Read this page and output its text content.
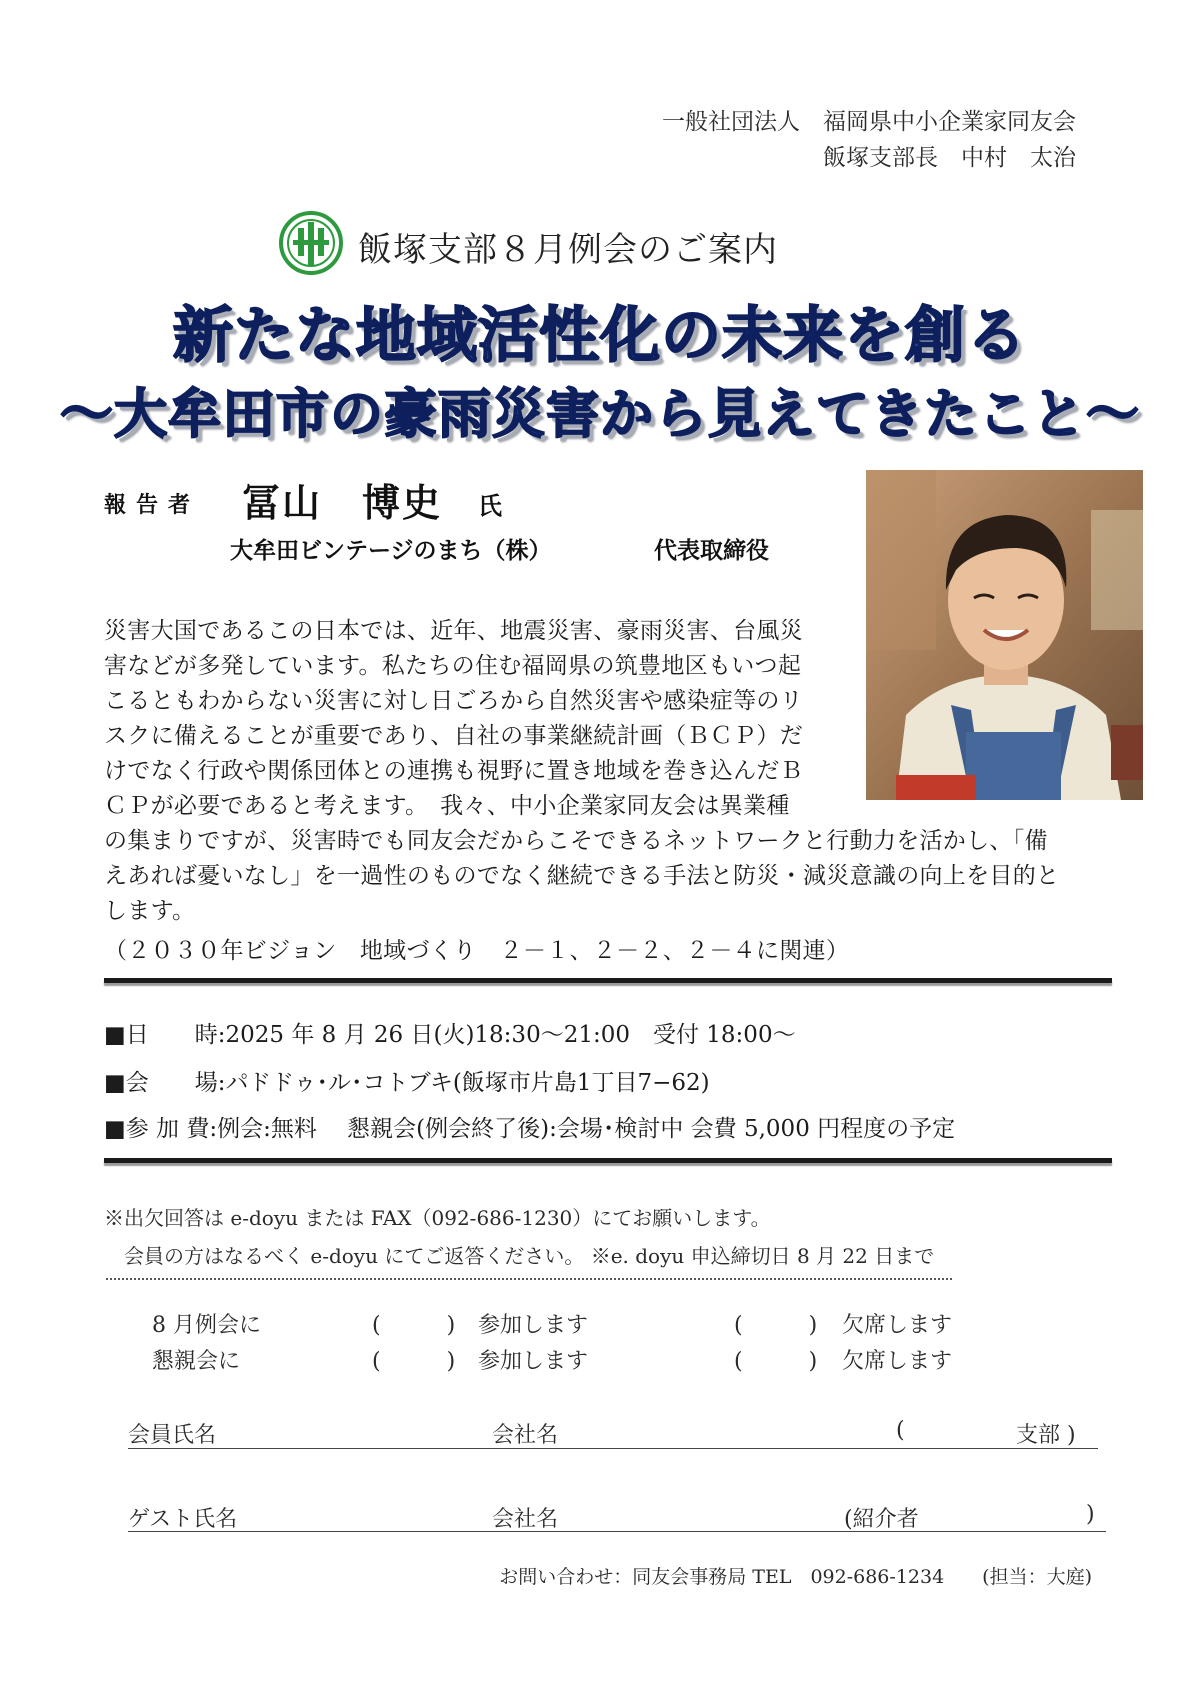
一般社団法人　福岡県中小企業家同友会
飯塚支部長　中村　太治
飯塚支部８月例会のご案内
新たな地域活性化の未来を創る
～大牟田市の豪雨災害から見えてきたこと～
報告者 冨山　博史 氏
大牟田ビンテージのまち（株）	代表取締役
災害大国であるこの日本では、近年、地震災害、豪雨災害、台風災
害などが多発しています。私たちの住む福岡県の筑豊地区もいつ起
こるともわからない災害に対し日ごろから自然災害や感染症等のリ
スクに備えることが重要であり、自社の事業継続計画（ＢＣＰ）だ
けでなく行政や関係団体との連携も視野に置き地域を巻き込んだＢ
ＣＰが必要であると考えます。　我々、中小企業家同友会は異業種
の集まりですが、災害時でも同友会だからこそできるネットワークと行動力を活かし、「備
えあれば憂いなし」を一過性のものでなく継続できる手法と防災・減災意識の向上を目的と
します。
（２０３０年ビジョン　地域づくり　２－１、２－２、２－４に関連）
■日　　時:2025 年 8 月 26 日(火)18:30～21:00　受付 18:00～
■会　　場:パドドゥ･ル･コトブキ(飯塚市片島1丁目7−62)
■参 加 費:例会:無料　 懇親会(例会終了後):会場･検討中 会費 5,000 円程度の予定
※出欠回答は e-doyu または FAX（092-686-1230）にてお願いします。
会員の方はなるべく e-doyu にてご返答ください。 ※e. doyu 申込締切日 8 月 22 日まで
8 月例会に	(　　　) 参加します	(　　　) 欠席します
懇親会に	(　　　) 参加します	(　　　) 欠席します
会員氏名	会社名	(	支部 )
ゲスト氏名	会社名	(紹介者	)
お問い合わせ：同友会事務局 TEL　092-686-1234　　(担当：大庭)
